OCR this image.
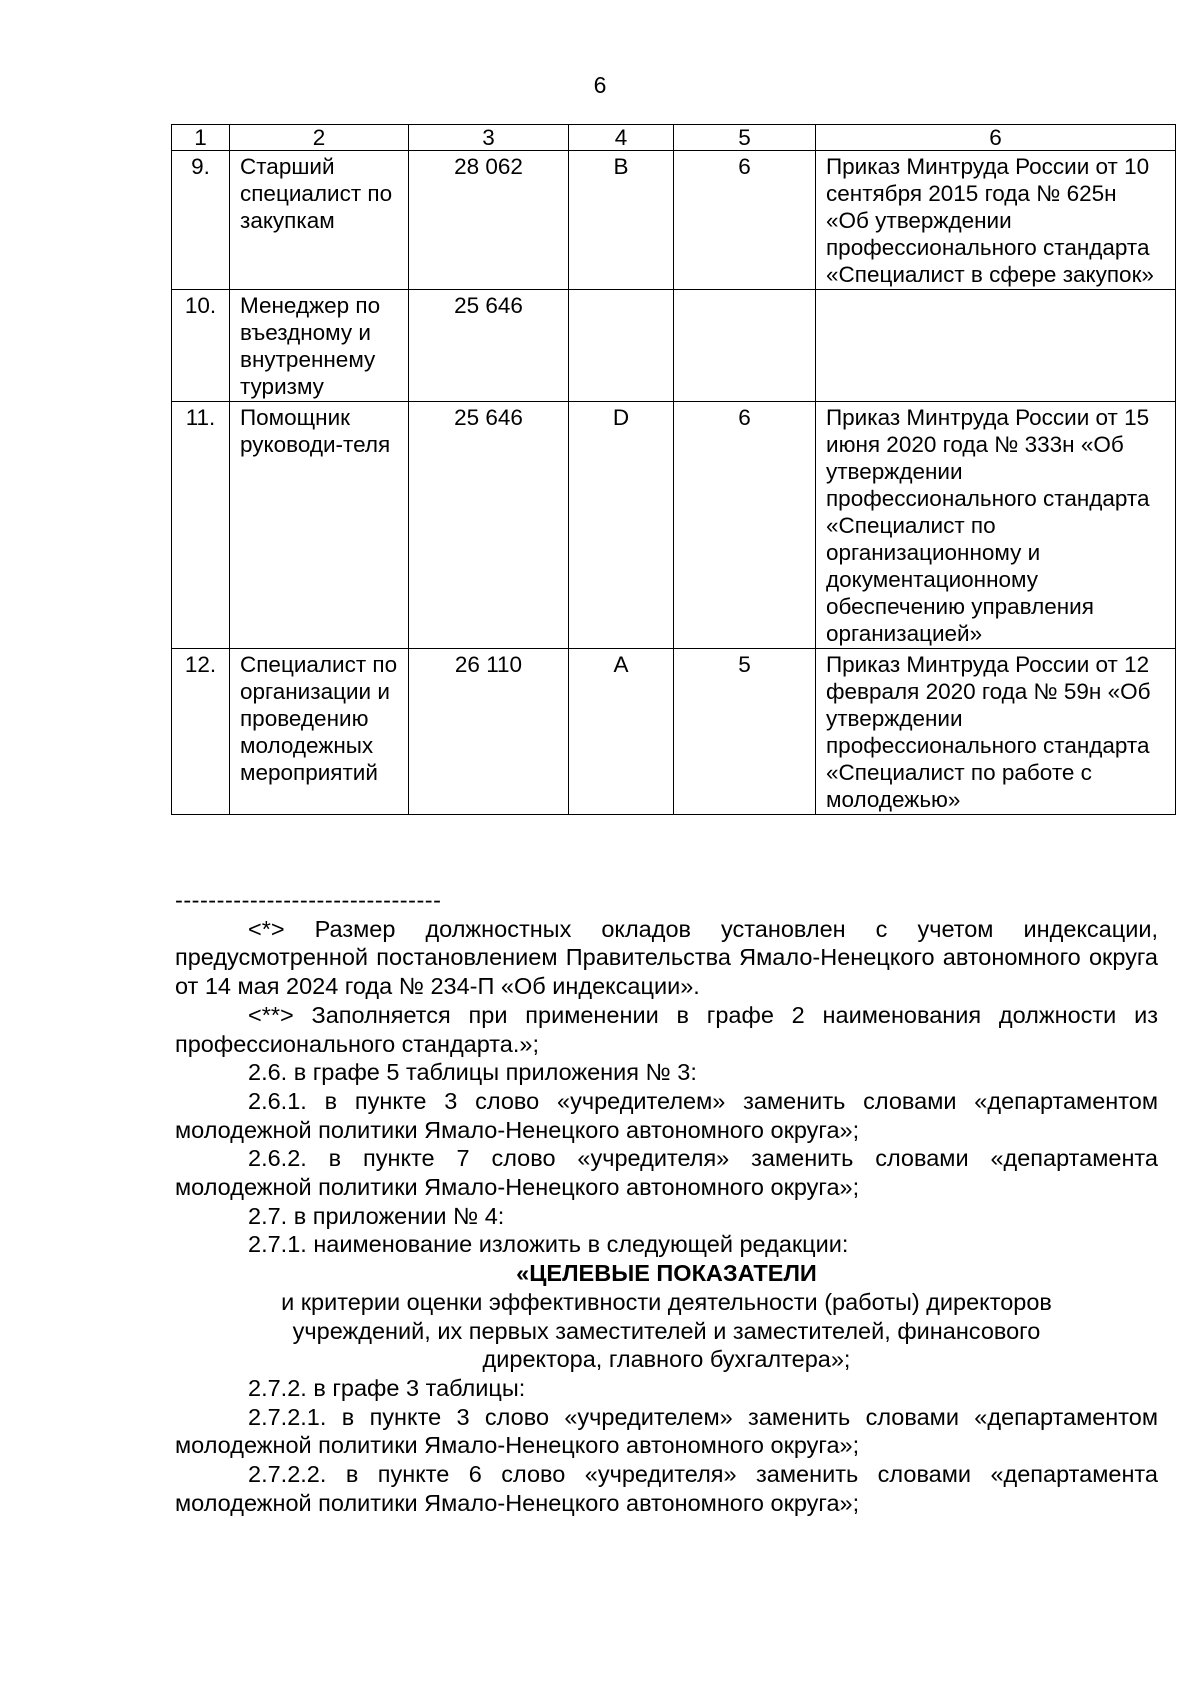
6
1	2	3	4	5	6
9.	Старший специалист по закупкам	28 062	В	6	Приказ Минтруда России от 10 сентября 2015 года № 625н «Об утверждении профессионального стандарта «Специалист в сфере закупок»
10.	Менеджер по въездному и внутреннему туризму	25 646			
11.	Помощник руководи-теля	25 646	D	6	Приказ Минтруда России от 15 июня 2020 года № 333н «Об утверждении профессионального стандарта «Специалист по организационному и документационному обеспечению управления организацией»
12.	Специалист по организации и проведению молодежных мероприятий	26 110	А	5	Приказ Минтруда России от 12 февраля 2020 года № 59н «Об утверждении профессионального стандарта «Специалист по работе с молодежью»
--------------------------------

<*> Размер должностных окладов установлен с учетом индексации, предусмотренной постановлением Правительства Ямало-Ненецкого автономного округа от 14 мая 2024 года № 234-П «Об индексации».

<**> Заполняется при применении в графе 2 наименования должности из профессионального стандарта.»;

2.6. в графе 5 таблицы приложения № 3:

2.6.1. в пункте 3 слово «учредителем» заменить словами «департаментом молодежной политики Ямало-Ненецкого автономного округа»;

2.6.2. в пункте 7 слово «учредителя» заменить словами «департамента молодежной политики Ямало-Ненецкого автономного округа»;

2.7. в приложении № 4:

2.7.1. наименование изложить в следующей редакции:

«ЦЕЛЕВЫЕ ПОКАЗАТЕЛИ

и критерии оценки эффективности деятельности (работы) директоров

учреждений, их первых заместителей и заместителей, финансового

директора, главного бухгалтера»;

2.7.2. в графе 3 таблицы:

2.7.2.1. в пункте 3 слово «учредителем» заменить словами «департаментом молодежной политики Ямало-Ненецкого автономного округа»;

2.7.2.2. в пункте 6 слово «учредителя» заменить словами «департамента молодежной политики Ямало-Ненецкого автономного округа»;
